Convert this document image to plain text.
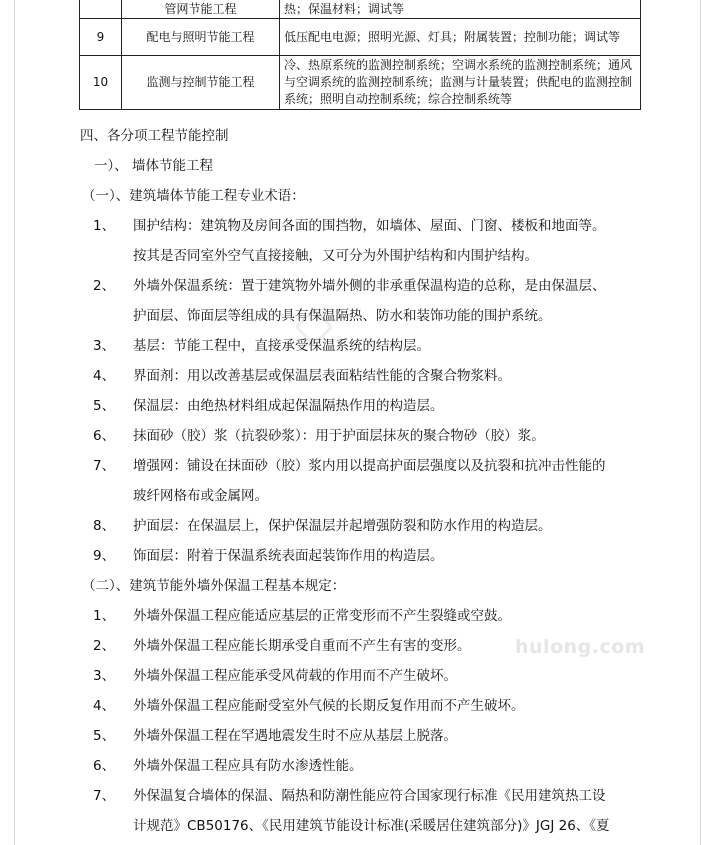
hulong.com
	管网节能工程	热；保温材料；调试等
9	配电与照明节能工程	低压配电电源；照明光源、灯具；附属装置；控制功能；调试等
10	监测与控制节能工程	冷、热原系统的监测控制系统；空调水系统的监测控制系统；通风与空调系统的监测控制系统；监测与计量装置；供配电的监测控制系统；照明自动控制系统；综合控制系统等
四、各分项工程节能控制
一）、 墙体节能工程
（一）、建筑墙体节能工程专业术语：
1、 围护结构：建筑物及房间各面的围挡物，如墙体、屋面、门窗、楼板和地面等。
按其是否同室外空气直接接触，又可分为外围护结构和内围护结构。
2、 外墙外保温系统：置于建筑物外墙外侧的非承重保温构造的总称，是由保温层、
护面层、饰面层等组成的具有保温隔热、防水和装饰功能的围护系统。
3、 基层：节能工程中，直接承受保温系统的结构层。
4、 界面剂：用以改善基层或保温层表面粘结性能的含聚合物浆料。
5、 保温层：由绝热材料组成起保温隔热作用的构造层。
6、 抹面砂（胶）浆（抗裂砂浆）：用于护面层抹灰的聚合物砂（胶）浆。
7、 增强网：铺设在抹面砂（胶）浆内用以提高护面层强度以及抗裂和抗冲击性能的
玻纤网格布或金属网。
8、 护面层：在保温层上，保护保温层并起增强防裂和防水作用的构造层。
9、 饰面层：附着于保温系统表面起装饰作用的构造层。
（二）、建筑节能外墙外保温工程基本规定：
1、 外墙外保温工程应能适应基层的正常变形而不产生裂缝或空鼓。
2、 外墙外保温工程应能长期承受自重而不产生有害的变形。
3、 外墙外保温工程应能承受风荷载的作用而不产生破坏。
4、 外墙外保温工程应能耐受室外气候的长期反复作用而不产生破坏。
5、 外墙外保温工程在罕遇地震发生时不应从基层上脱落。
6、 外墙外保温工程应具有防水渗透性能。
7、 外保温复合墙体的保温、隔热和防潮性能应符合国家现行标准《民用建筑热工设
计规范》CB50176、《民用建筑节能设计标准(采暖居住建筑部分)》JGJ 26、《夏
